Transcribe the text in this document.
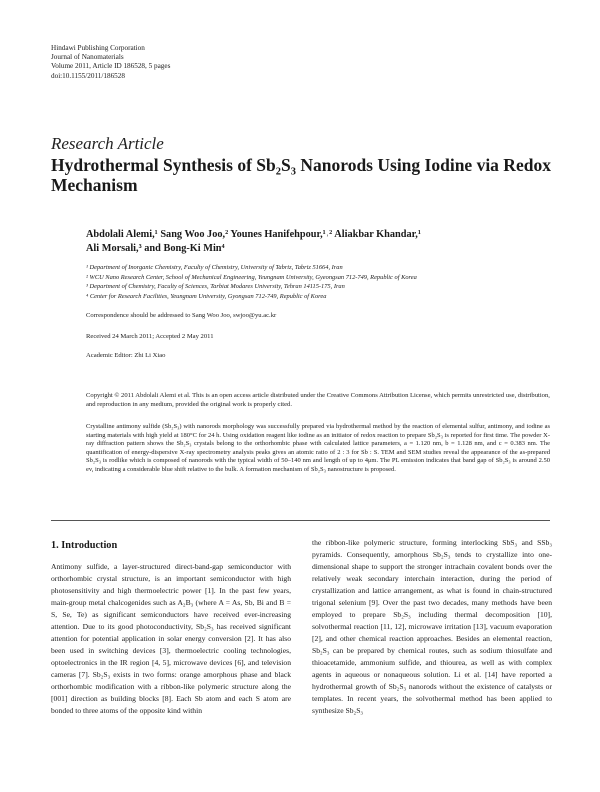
Hindawi Publishing Corporation
Journal of Nanomaterials
Volume 2011, Article ID 186528, 5 pages
doi:10.1155/2011/186528
Research Article
Hydrothermal Synthesis of Sb₂S₃ Nanorods Using Iodine via Redox Mechanism
Abdolali Alemi,¹ Sang Woo Joo,² Younes Hanifehpour,¹˒² Aliakbar Khandar,¹
Ali Morsali,³ and Bong-Ki Min⁴
¹ Department of Inorganic Chemistry, Faculty of Chemistry, University of Tabriz, Tabriz 51664, Iran
² WCU Nano Research Center, School of Mechanical Engineering, Yeungnam University, Gyeongsan 712-749, Republic of Korea
³ Department of Chemistry, Faculty of Sciences, Tarbiat Modares University, Tehran 14115-175, Iran
⁴ Center for Research Facilities, Yeungnam University, Gyongsan 712-749, Republic of Korea
Correspondence should be addressed to Sang Woo Joo, swjoo@yu.ac.kr
Received 24 March 2011; Accepted 2 May 2011
Academic Editor: Zhi Li Xiao
Copyright © 2011 Abdolali Alemi et al. This is an open access article distributed under the Creative Commons Attribution License, which permits unrestricted use, distribution, and reproduction in any medium, provided the original work is properly cited.
Crystalline antimony sulfide (Sb₂S₃) with nanorods morphology was successfully prepared via hydrothermal method by the reaction of elemental sulfur, antimony, and iodine as starting materials with high yield at 180°C for 24 h. Using oxidation reagent like iodine as an initiator of redox reaction to prepare Sb₂S₃ is reported for first time. The powder X-ray diffraction pattern shows the Sb₂S₃ crystals belong to the orthorhombic phase with calculated lattice parameters, a = 1.120 nm, b = 1.128 nm, and c = 0.383 nm. The quantification of energy-dispersive X-ray spectrometry analysis peaks gives an atomic ratio of 2 : 3 for Sb : S. TEM and SEM studies reveal the appearance of the as-prepared Sb₂S₃ is rodlike which is composed of nanorods with the typical width of 50–140 nm and length of up to 4μm. The PL emission indicates that band gap of Sb₂S₃ is around 2.50 ev, indicating a considerable blue shift relative to the bulk. A formation mechanism of Sb₂S₃ nanostructure is proposed.
1. Introduction
Antimony sulfide, a layer-structured direct-band-gap semiconductor with orthorhombic crystal structure, is an important semiconductor with high photosensitivity and high thermoelectric power [1]. In the past few years, main-group metal chalcogenides such as A₂B₃ (where A = As, Sb, Bi and B = S, Se, Te) as significant semiconductors have received ever-increasing attention. Due to its good photoconductivity, Sb₂S₃ has received significant attention for potential application in solar energy conversion [2]. It has also been used in switching devices [3], thermoelectric cooling technologies, optoelectronics in the IR region [4, 5], microwave devices [6], and television cameras [7]. Sb₂S₃ exists in two forms: orange amorphous phase and black orthorhombic modification with a ribbon-like polymeric structure along the [001] direction as building blocks [8]. Each Sb atom and each S atom are bonded to three atoms of the opposite kind within
the ribbon-like polymeric structure, forming interlocking SbS₃ and SSb₃ pyramids. Consequently, amorphous Sb₂S₃ tends to crystallize into one-dimensional shape to support the stronger intrachain covalent bonds over the relatively weak secondary interchain interaction, during the period of crystallization and lattice arrangement, as what is found in chain-structured trigonal selenium [9]. Over the past two decades, many methods have been employed to prepare Sb₂S₃ including thermal decomposition [10], solvothermal reaction [11, 12], microwave irritation [13], vacuum evaporation [2], and other chemical reaction approaches. Besides an elemental reaction, Sb₂S₃ can be prepared by chemical routes, such as sodium thiosulfate and thioacetamide, ammonium sulfide, and thiourea, as well as with complex agents in aqueous or nonaqueous solution. Li et al. [14] have reported a hydrothermal growth of Sb₂S₃ nanorods without the existence of catalysts or templates. In recent years, the solvothermal method has been applied to synthesize Sb₂S₃
